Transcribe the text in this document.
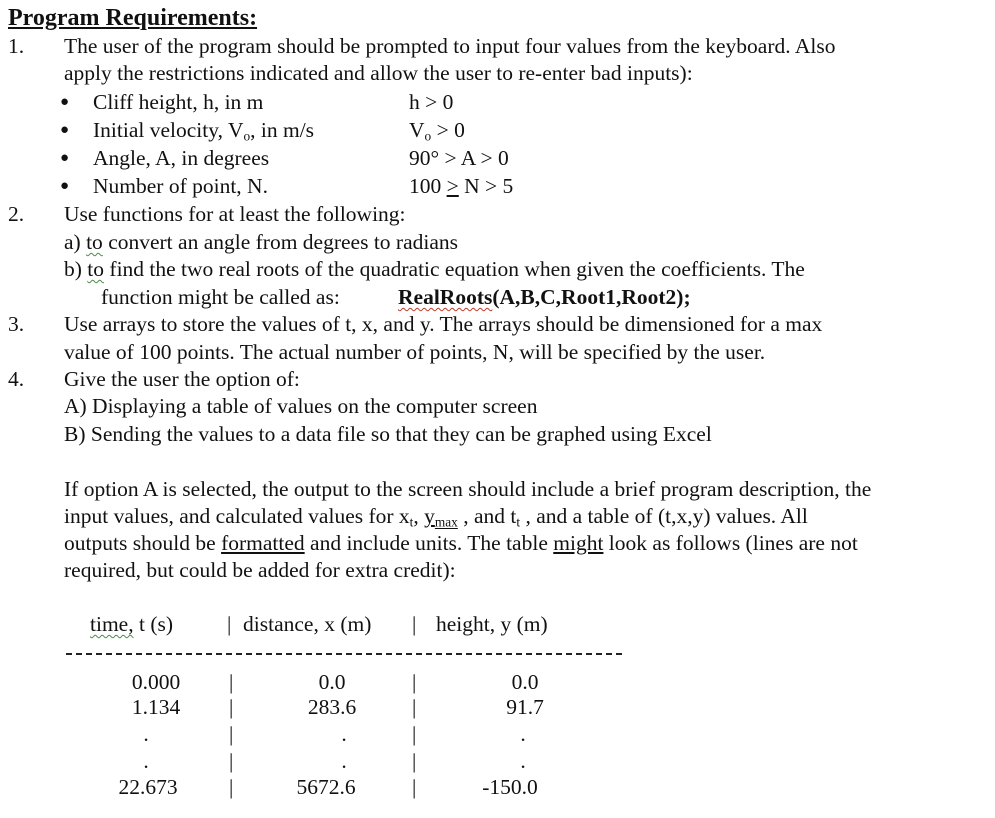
Program Requirements:
1. The user of the program should be prompted to input four values from the keyboard. Also
apply the restrictions indicated and allow the user to re-enter bad inputs):
● Cliff height, h, in m	h > 0
● Initial velocity, $V_o$, in m/s	$V_o > 0$
● Angle, A, in degrees	90° > A > 0
● Number of point, N.	100 > N > 5
2. Use functions for at least the following:
a) to convert an angle from degrees to radians
b) to find the two real roots of the quadratic equation when given the coefficients. The
function might be called as:	RealRoots(A,B,C,Root1,Root2);
3. Use arrays to store the values of t, x, and y. The arrays should be dimensioned for a max
value of 100 points. The actual number of points, N, will be specified by the user.
4. Give the user the option of:
A) Displaying a table of values on the computer screen
B) Sending the values to a data file so that they can be graphed using Excel
If option A is selected, the output to the screen should include a brief program description, the
input values, and calculated values for $x_t$, $y_{max}$ , and $t_t$ , and a table of (t,x,y) values. All
outputs should be formatted and include units. The table might look as follows (lines are not
required, but could be added for extra credit):
time, t (s)	| distance, x (m) | height, y (m)
0.000	|	0.0	|	0.0
1.134	|	283.6	|	91.7
.	|	.	|	.
.	|	.	|	.
22.673	|	5672.6	|	-150.0
